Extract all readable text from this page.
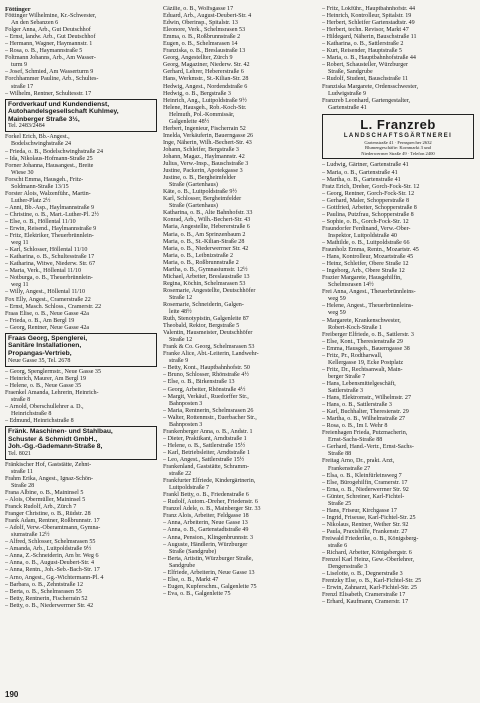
Föttinger
Föttinger Wilhelmine, Kr.-Schwester,
An den Sebanzen 6
Folger Anna, Arb., Gut Deutschhof
– Ernst, landw. Arb., Gut Deutschhof
– Hermann, Wagner, Haymannstr. 1
– Rosa, o. B., Haymannstraße 5
Foltmann Johanns, Arb., Am Wasser-
turm 9
– Josef, Schmied, Am Wasserturm 9
Forchhammer Pauline, Arb., Schultes-
straße 17
– Wilhelm, Rentner, Schultesstr. 17
Fordverkauf und Kundendienst,
Autohandelsgesellschaft Kuhlmey,
Mainberger Straße 3½,
Tel. 2483/2484
Forkel Erich, Bb.-Angest.,
Bodelschwinghstraße 24
– Frieda, o. B., Bodelschwinghstraße 24
– Ida, Nikolaus-Hofmann-Straße 25
Forner Johanna, Hausangest., Breite
Wiese 30
Forscht Emma, Hausgeh., Fritz-
Soldmann-Straße 13/15
Forster Alois, Walzenführ., Martin-
Luther-Platz 2½
– Anni, Bb.-Asp., Haylmannstraße 9
– Christine, o. B., Mart.-Luther-Pl. 2½
– Else, o. B., Höllental 11/10
– Erwin, Reisend., Haylmannstraße 9
– Fritz, Elektriker, Theuerbrünnlein-
weg 11
– Karl, Schlosser, Höllental 11/10
– Katharina, o. B., Schultesstraße 17
– Katharina, Witwe, Niederw. Str. 67
– Maria, Verk., Höllental 11/10
– Notburga, o. B., Theuerbrünnlein-
weg 11
– Willy, Angest., Höllental 11/10
Fox Elly, Angest., Cramerstraße 22
– Ernst, Masch. Schloss., Cramerstr. 22
Fraas Elise, o. B., Neue Gasse 42a
– Frieda, o. B., Am Bergl 19
– Georg, Rentner, Neue Gasse 42a
Fraas Georg, Spenglerei,
Sanitäre Installationen,
Propangas-Vertrieb,
Neue Gasse 35, Tel. 2678
– Georg, Spenglermstr., Neue Gasse 35
– Heinrich, Maurer, Am Bergl 19
– Helene, o. B., Neue Gasse 35
Fraenkel Amanda, Lehrerin, Heinrich-
straße 8
– Arnold, Oberschullehrer a. D.,
Heinrichstraße 8
– Edmund, Heinrichstraße 8
Fränk. Maschinen- und Stahlbau,
Schuster & Schmidt GmbH.,
Joh.-Gg.-Gademann-Straße 8,
Tel. 8021
Fränkischer Hof, Gaststätte, Zehnt-
straße 11
Frahm Erika, Angest., Ignaz-Schön-
Straße 28
Frana Albine, o. B., Maininsel 5
– Alois, Obermüller, Maininsel 5
Franck Rudolf, Arb., Zürch 7
Franger Christine, o. B., Rüdstr. 28
Frank Adam, Rentner, Roßbrunnstr. 17
– Adolf, Verw.-Oberamtmann, Gymna-
siumstraße 12½
– Alfred, Schlosser, Schelmsrasen 55
– Amanda, Arb., Luitpoldstraße 9½
– Anna, Z.-Schneiderin, Am br. Weg 6
– Anna, o. B., August-Deubert-Str. 4
– Anna, Rentn., Joh.-Seb.-Bach-Str. 17
– Arno, Angest., Gg.-Wichtermann-Pl. 4
– Barbara, o. B., Zehntstraße 12
– Berta, o. B., Schelmsrasen 55
– Betty, Rentnerin, Fischerrain 52
– Betty, o. B., Niederwerrner Str. 42
Cäzilie, o. B., Wolfsgasse 17
Eduard, Arb., August-Deubert-Str. 4
Edwin, Oberinsp., Spitalstr. 13
Eleonore, Verk., Schelmsrasen 53
Emma, o. B., Roßbrunnstraße 2
Eugen, o. B., Schelmsrasen 14
Franziska, o. B., Breslaustraße 13
Georg, Angestellter, Zürch 9
Georg, Magaziner, Niederw. Str. 42
Gerhard, Lehrer, Hebererstraße 6
Hans, Werkmstr., St.-Kilian-Str. 28
Hedwig, Angest., Nordendstraße 6
Hedwig, o. B., Bergstraße 3
Heinrich, Ang., Luitpoldstraße 9½
Helene, Hausgeh., Rob.-Koch-Str.
Helmuth, Pol.-Kommissär,
Galgenleite 48½
Herbert, Ingenieur, Fischerrain 52
Imelda, Verkäuferin, Bauerngasse 26
Inge, Näherin, Wilh.-Bechert-Str. 43
Johann, Schleifer, Bergstraße 3
Johann, Magaz., Haylmannstr. 42
Julius, Verw.-Insp., Bauschstraße 3
Justine, Packerin, Apotekgasse 3
Justine, o. B., Bergheimfelder
Straße (Gartenhaus)
Käte, o. B., Luitpoldstraße 9½
Karl, Schlosser, Bergheimfelder
Straße (Gartenhaus)
Katharina, o. B., Alte Bahnhofstr. 33
Konrad, Arb., Wilh.-Bechert-Str. 43
Maria, Angestellte, Hebererstraße 6
Maria, o. B., Am Sprinzenbaum 2
Maria, o. B., St.-Kilian-Straße 28
Maria, o. B., Niederwerrner Str. 42
Maria, o. B., Leibnizstraße 2
Maria, o. B., Roßbrunnstraße 2
Martha, o. B., Gymnasiumstr. 12½
Michael, Arbeiter, Breslaustraße 13
Regina, Köchin, Schelmsrasen 53
Rosemarie, Angestellte, Deutschhöfer
Straße 12
Rosemarie, Schneiderin, Galgen-
leite 48½
Ruth, Stenotypistin, Galgenleite 87
Theobald, Rektor, Bergstraße 5
Valentin, Hausmeister, Deutschhöfer
Straße 12
Frank & Co. Georg, Schelmsrasen 53
Franke Alice, Abt.-Leiterin, Landwehr-
straße 9
– Betty, Kont., Hauptbahnhofstr. 50
– Bruno, Schlosser, Rhönstraße 4½
– Else, o. B., Birkenstraße 13
– Georg, Arbeiter, Rhönstraße 4½
– Margit, Verkäuf., Ruedorffer Str.,
Bahnposten 3
– Maria, Rentnerin, Schelmsrasen 26
– Walter, Rottenmstr., Euerbacher Str.,
Bahnposten 3
Frankenberger Anna, o. B., Andstr. 1
– Dieter, Praktikant, Arndtstraße 1
– Helene, o. B., Sattlerstraße 15½
– Karl, Betriebsleiter, Arndtstraße 1
– Leo, Angest., Sattlerstraße 15½
Frankenland, Gaststätte, Schramm-
straße 22
Frankfurter Elfriede, Kindergärtnerin,
Luitpoldstraße 7
Frankl Betty, o. B., Friedenstraße 6
– Rudolf, Autom.-Dreher, Friedenstr. 6
Franzel Adele, o. B., Mainberger Str. 33
Franz Alois, Arbeiter, Feldgasse 18
– Anna, Arbeiterin, Neue Gasse 13
– Anna, o. B., Gartenstadtstraße 49
– Anna, Pension., Klingenbrunnstr. 3
– Auguste, Händlerin, Würzburger
Straße (Sandgrube)
– Berta, Artistin, Würzburger Straße,
Sandgrube
– Elfriede, Arbeiterin, Neue Gasse 13
– Else, o. B., Markt 47
– Eugen, Kupferschm., Galgenleite 75
– Eva, o. B., Galgenleite 75
– Fritz, Lokführ., Hauptbahnhofstr. 44
– Heinrich, Kontrolleur, Spitalstr. 19
– Herbert, Schleifer Gartenstadtstr. 49
– Herbert, techn. Revisor, Markt 47
– Hildegard, Näherin, Bauschstraße 11
– Katharina, o. B., Sattlerstraße 2
– Kurt, Reisender, Hauptstraße 5
– Maria, o. B., Hauptbahnhofstraße 44
– Robert, Schausteller, Würzburger
Straße, Sandgrube
– Rudolf, Student, Bauschstraße 11
Franziska Margarete, Ordensschwester,
Ludwigstraße 9
Franzreb Leonhard, Gartengestalter,
Gartenstraße 41
L. Franzreb
LANDSCHAFTSGÄRTNEREI
Gartenstraße 41 · Fernsprecher 2632
Blumengeschäfte: Kornmarkt 3 und
Niederwerrner Straße 49 · Telefon 2400
– Ludwig, Gärtner, Gartenstraße 41
– Maria, o. B., Gartenstraße 41
– Martha, o. B., Gartenstraße 41
Fratz Erich, Dreher, Gorch-Fock-Str. 12
– Georg, Rentner, Gorch-Fock-Str. 12
– Gerhard, Maler, Schopperstraße 8
– Gottfried, Arbeiter, Schopperstraße 8
– Paulina, Putzfrau, Schopperstraße 8
– Sophie, o. B., Gorch-Fock-Str. 12
Fraundorfer Ferdinand, Verw.-Ober-
Inspektor, Luitpoldstraße 40
– Mathilde, o. B., Luitpoldstraße 66
Fraunholz Emma, Rentn., Mozartstr. 45
– Hans, Kontrolleur, Mozartstraße 45
– Heinz, Schleifer, Obere Straße 12
– Ingeborg, Arb., Obere Straße 12
Frazier Margarete, Hausgehilfin,
Schelmsrasen 14½
Frei Anna, Angest., Theuerbrünnleins-
weg 59
– Helene, Angest., Theuerbrünnleins-
weg 59
– Margarete, Krankenschwester,
Robert-Koch-Straße 1
Freiberger Elfriede, o. B., Sattlerstr. 3
– Else, Kont., Theresienstraße 29
– Emma, Hausgeh., Bauerngasse 38
– Fritz, Pr., Rodtharwall,
Kellergasse 19, Ecke Postplatz
– Fritz, Dr., Rechtsanwalt, Main-
berger Straße 7
– Hans, Lebensmittelgeschäft,
Sattlerstraße 3
– Hans, Elektromstr., Wilhelmstr. 27
– Hans, o. B., Sattlerstraße 3
– Karl, Buchhalter, Theresienstr. 29
– Martha, o. B., Wilhelmstraße 27
– Rosa, o. B., Im I. Wehr 8
Freienhagen Frieda, Putzmacherin,
Ernst-Sachs-Straße 88
– Gerhard, Hand.-Vertr., Ernst-Sachs-
Straße 88
Freitag Arno, Dr., prakt. Arzt,
Frankenstraße 27
– Elsa, o. B., Kleinfürleinsweg 7
– Else, Bürogehilfin, Cramerstr. 17
– Erna, o. B., Niederwerrner Str. 92
– Günter, Schreiner, Karl-Fichtel-
Straße 25
– Hans, Friseur, Kirchgasse 17
– Ingrid, Friseuse, Karl-Fichtel-Str. 25
– Nikolaus, Rentner, Weiher Str. 92
– Paula, Praxishilfe, Frankenstr. 27
Freiwald Friederike, o. B., Königsberg-
straße 6
– Richard, Arbeiter, Königsbergstr. 6
Frenzel Karl Heinz, Gew.-Oberlehrer,
Dengersstraße 3
– Liselotte, o. B., Degnerstraße 3
Frentzky Else, o. B., Karl-Fichtel-Str. 25
– Erwin, Zahnarzt, Karl-Fichtel-Str. 25
Frenzl Elisabeth, Cramerstraße 17
– Erhard, Kaufmann, Cramerstr. 17
190
